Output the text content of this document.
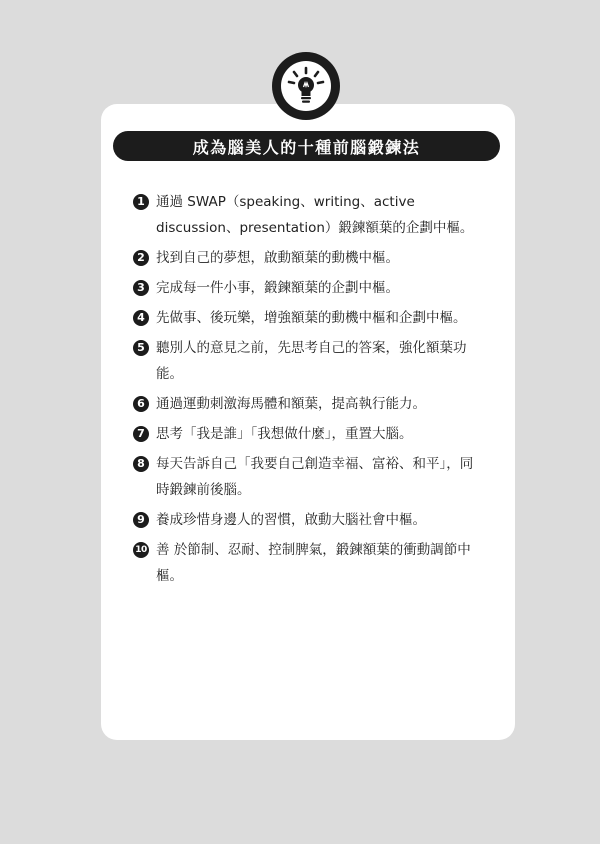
成為腦美人的十種前腦鍛鍊法
1 通過 SWAP（speaking、writing、active discussion、presentation）鍛鍊額葉的企劃中樞。
2 找到自己的夢想，啟動額葉的動機中樞。
3 完成每一件小事，鍛鍊額葉的企劃中樞。
4 先做事、後玩樂，增強額葉的動機中樞和企劃中樞。
5 聽別人的意見之前，先思考自己的答案，強化額葉功能。
6 通過運動刺激海馬體和額葉，提高執行能力。
7 思考「我是誰」「我想做什麼」，重置大腦。
8 每天告訴自己「我要自己創造幸福、富裕、和平」，同時鍛鍊前後腦。
9 養成珍惜身邊人的習慣，啟動大腦社會中樞。
10 善 於節制、忍耐、控制脾氣，鍛鍊額葉的衝動調節中樞。
